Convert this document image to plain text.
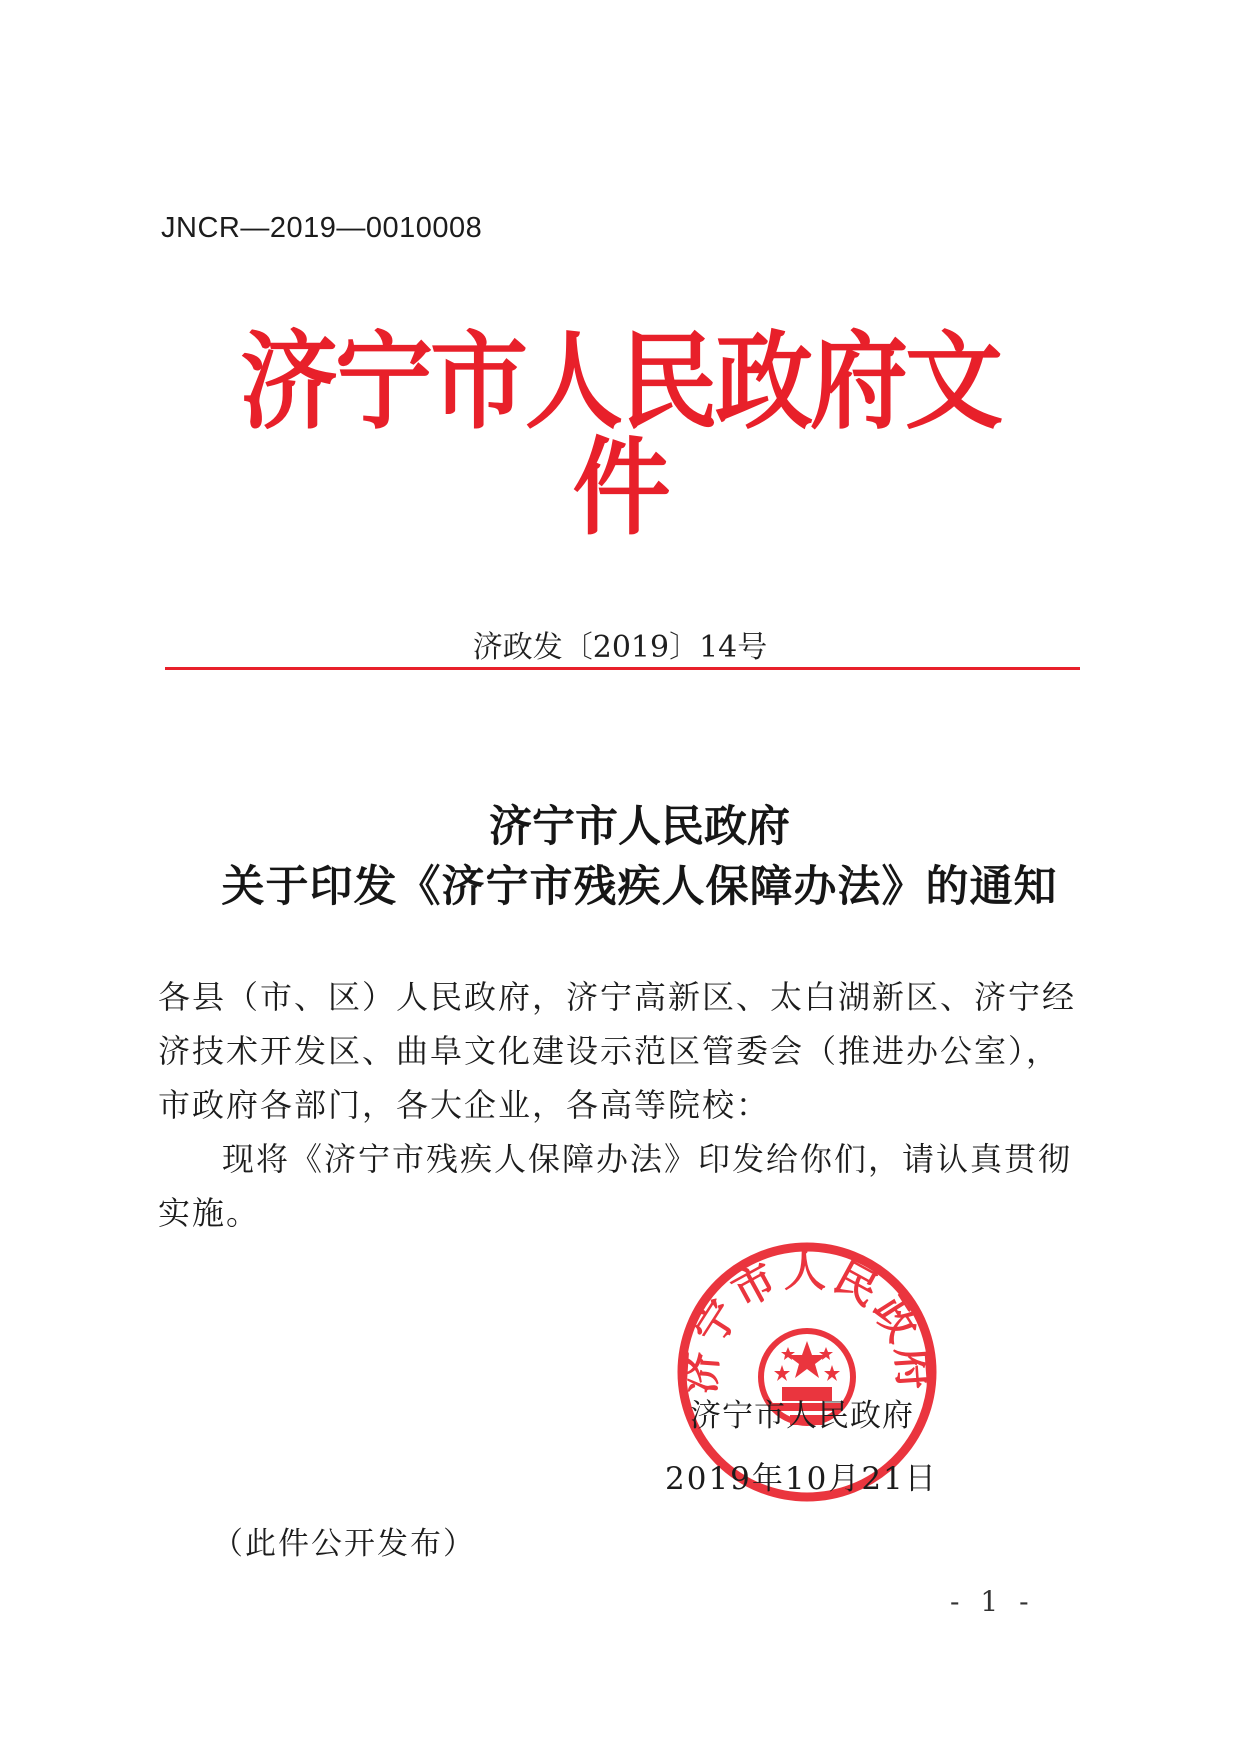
JNCR—2019—0010008
济宁市人民政府文件
济政发〔2019〕14号
济宁市人民政府
关于印发《济宁市残疾人保障办法》的通知

各县（市、区）人民政府，济宁高新区、太白湖新区、济宁经济技术开发区、曲阜文化建设示范区管委会（推进办公室），市政府各部门，各大企业，各高等院校：

现将《济宁市残疾人保障办法》印发给你们，请认真贯彻实施。

济宁市人民政府
济宁市人民政府
2019年10月21日
（此件公开发布）
- 1 -
